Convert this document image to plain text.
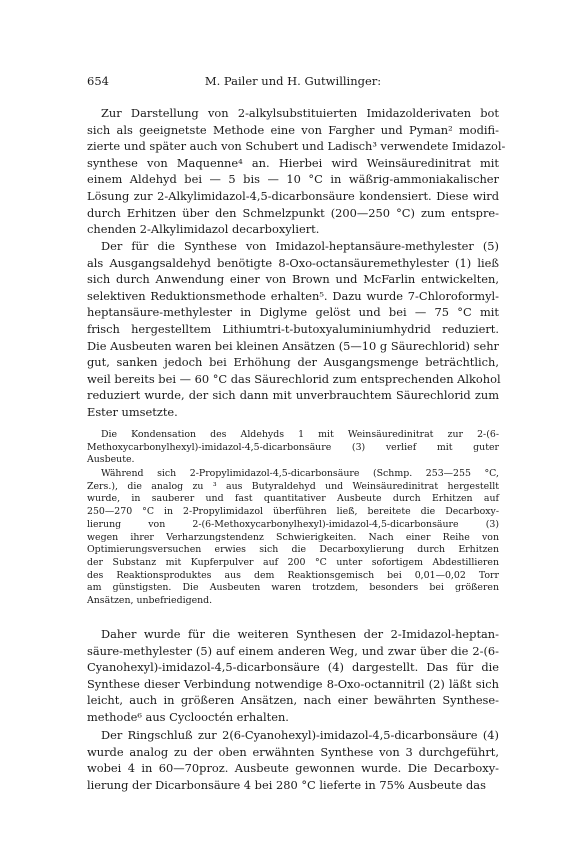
654	M. Pailer und H. Gutwillinger:
Zur Darstellung von 2-alkylsubstituierten Imidazolderivaten bot
sich als geeignetste Methode eine von Fargher und Pyman² modifi-
zierte und später auch von Schubert und Ladisch³ verwendete Imidazol-
synthese von Maquenne⁴ an. Hierbei wird Weinsäuredinitrat mit
einem Aldehyd bei — 5 bis — 10 °C in wäßrig-ammoniakalischer
Lösung zur 2-Alkylimidazol-4,5-dicarbonsäure kondensiert. Diese wird
durch Erhitzen über den Schmelzpunkt (200—250 °C) zum entspre-
chenden 2-Alkylimidazol decarboxyliert.
Der für die Synthese von Imidazol-heptansäure-methylester (5)
als Ausgangsaldehyd benötigte 8-Oxo-octansäuremethylester (1) ließ
sich durch Anwendung einer von Brown und McFarlin entwickelten,
selektiven Reduktionsmethode erhalten⁵. Dazu wurde 7-Chloroformyl-
heptansäure-methylester in Diglyme gelöst und bei — 75 °C mit
frisch hergestelltem Lithiumtri-t-butoxyaluminiumhydrid reduziert.
Die Ausbeuten waren bei kleinen Ansätzen (5—10 g Säurechlorid) sehr
gut, sanken jedoch bei Erhöhung der Ausgangsmenge beträchtlich,
weil bereits bei — 60 °C das Säurechlorid zum entsprechenden Alkohol
reduziert wurde, der sich dann mit unverbrauchtem Säurechlorid zum
Ester umsetzte.
Die Kondensation des Aldehyds 1 mit Weinsäuredinitrat zur 2-(6-
Methoxycarbonylhexyl)-imidazol-4,5-dicarbonsäure (3) verlief mit guter
Ausbeute.
Während sich 2-Propylimidazol-4,5-dicarbonsäure (Schmp. 253—255 °C,
Zers.), die analog zu ³ aus Butyraldehyd und Weinsäuredinitrat hergestellt
wurde, in sauberer und fast quantitativer Ausbeute durch Erhitzen auf
250—270 °C in 2-Propylimidazol überführen ließ, bereitete die Decarboxy-
lierung von 2-(6-Methoxycarbonylhexyl)-imidazol-4,5-dicarbonsäure (3)
wegen ihrer Verharzungstendenz Schwierigkeiten. Nach einer Reihe von
Optimierungsversuchen erwies sich die Decarboxylierung durch Erhitzen
der Substanz mit Kupferpulver auf 200 °C unter sofortigem Abdestillieren
des Reaktionsproduktes aus dem Reaktionsgemisch bei 0,01—0,02 Torr
am günstigsten. Die Ausbeuten waren trotzdem, besonders bei größeren
Ansätzen, unbefriedigend.
Daher wurde für die weiteren Synthesen der 2-Imidazol-heptan-
säure-methylester (5) auf einem anderen Weg, und zwar über die 2-(6-
Cyanohexyl)-imidazol-4,5-dicarbonsäure (4) dargestellt. Das für die
Synthese dieser Verbindung notwendige 8-Oxo-octannitril (2) läßt sich
leicht, auch in größeren Ansätzen, nach einer bewährten Synthese-
methode⁶ aus Cyclooctén erhalten.
Der Ringschluß zur 2(6-Cyanohexyl)-imidazol-4,5-dicarbonsäure (4)
wurde analog zu der oben erwähnten Synthese von 3 durchgeführt,
wobei 4 in 60—70proz. Ausbeute gewonnen wurde. Die Decarboxy-
lierung der Dicarbonsäure 4 bei 280 °C lieferte in 75% Ausbeute das
